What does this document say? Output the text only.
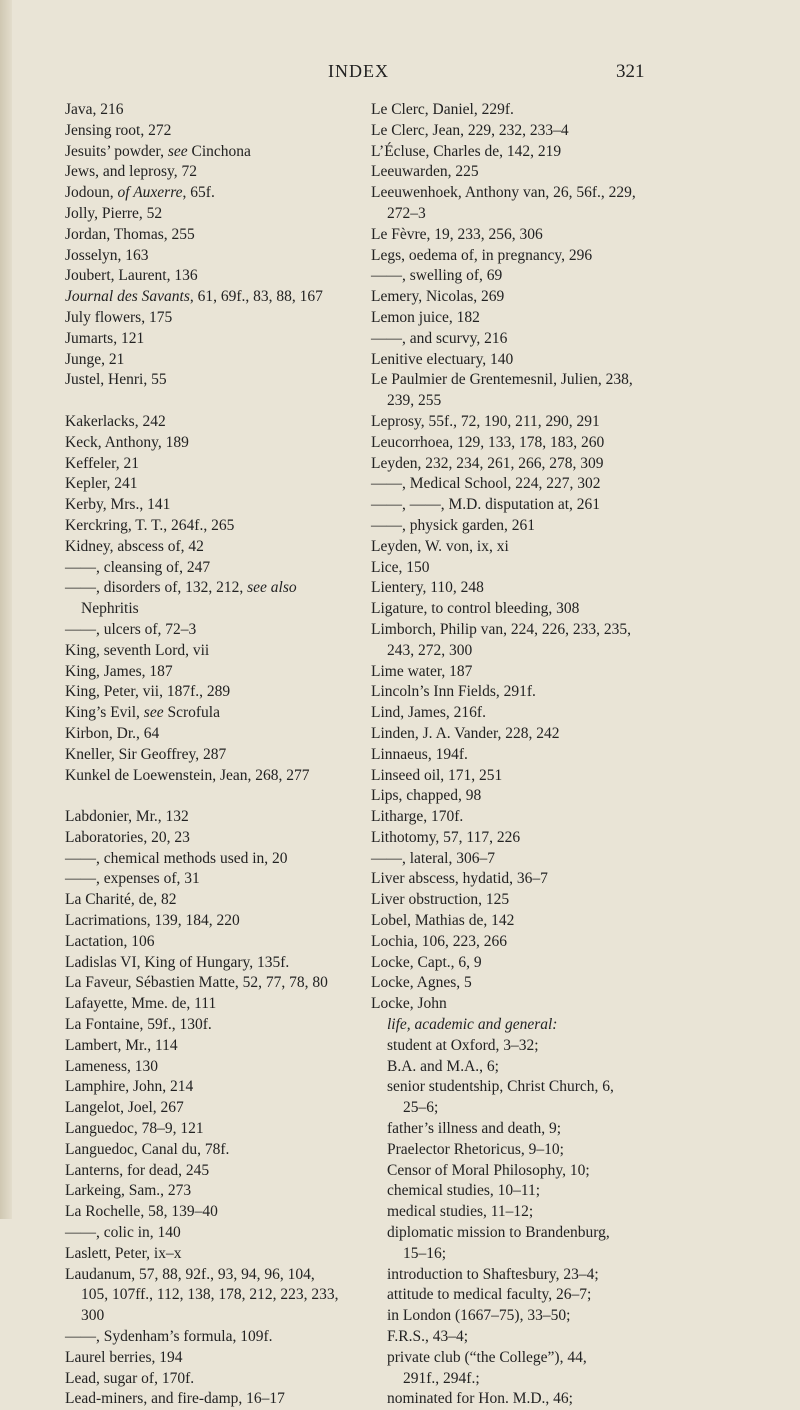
INDEX	321
Java, 216
Jensing root, 272
Jesuits’ powder, see Cinchona
Jews, and leprosy, 72
Jodoun, of Auxerre, 65f.
Jolly, Pierre, 52
Jordan, Thomas, 255
Josselyn, 163
Joubert, Laurent, 136
Journal des Savants, 61, 69f., 83, 88, 167
July flowers, 175
Jumarts, 121
Junge, 21
Justel, Henri, 55
Kakerlacks, 242
Keck, Anthony, 189
Keffeler, 21
Kepler, 241
Kerby, Mrs., 141
Kerckring, T. T., 264f., 265
Kidney, abscess of, 42
——, cleansing of, 247
——, disorders of, 132, 212, see also
Nephritis
——, ulcers of, 72–3
King, seventh Lord, vii
King, James, 187
King, Peter, vii, 187f., 289
King’s Evil, see Scrofula
Kirbon, Dr., 64
Kneller, Sir Geoffrey, 287
Kunkel de Loewenstein, Jean, 268, 277
Labdonier, Mr., 132
Laboratories, 20, 23
——, chemical methods used in, 20
——, expenses of, 31
La Charité, de, 82
Lacrimations, 139, 184, 220
Lactation, 106
Ladislas VI, King of Hungary, 135f.
La Faveur, Sébastien Matte, 52, 77, 78, 80
Lafayette, Mme. de, 111
La Fontaine, 59f., 130f.
Lambert, Mr., 114
Lameness, 130
Lamphire, John, 214
Langelot, Joel, 267
Languedoc, 78–9, 121
Languedoc, Canal du, 78f.
Lanterns, for dead, 245
Larkeing, Sam., 273
La Rochelle, 58, 139–40
——, colic in, 140
Laslett, Peter, ix–x
Laudanum, 57, 88, 92f., 93, 94, 96, 104,
105, 107ff., 112, 138, 178, 212, 223, 233,
300
——, Sydenham’s formula, 109f.
Laurel berries, 194
Lead, sugar of, 170f.
Lead-miners, and fire-damp, 16–17
Le Clerc, Daniel, 229f.
Le Clerc, Jean, 229, 232, 233–4
L’Écluse, Charles de, 142, 219
Leeuwarden, 225
Leeuwenhoek, Anthony van, 26, 56f., 229,
272–3
Le Fèvre, 19, 233, 256, 306
Legs, oedema of, in pregnancy, 296
——, swelling of, 69
Lemery, Nicolas, 269
Lemon juice, 182
——, and scurvy, 216
Lenitive electuary, 140
Le Paulmier de Grentemesnil, Julien, 238,
239, 255
Leprosy, 55f., 72, 190, 211, 290, 291
Leucorrhoea, 129, 133, 178, 183, 260
Leyden, 232, 234, 261, 266, 278, 309
——, Medical School, 224, 227, 302
——, ——, M.D. disputation at, 261
——, physick garden, 261
Leyden, W. von, ix, xi
Lice, 150
Lientery, 110, 248
Ligature, to control bleeding, 308
Limborch, Philip van, 224, 226, 233, 235,
243, 272, 300
Lime water, 187
Lincoln’s Inn Fields, 291f.
Lind, James, 216f.
Linden, J. A. Vander, 228, 242
Linnaeus, 194f.
Linseed oil, 171, 251
Lips, chapped, 98
Litharge, 170f.
Lithotomy, 57, 117, 226
——, lateral, 306–7
Liver abscess, hydatid, 36–7
Liver obstruction, 125
Lobel, Mathias de, 142
Lochia, 106, 223, 266
Locke, Capt., 6, 9
Locke, Agnes, 5
Locke, John
life, academic and general:
student at Oxford, 3–32;
B.A. and M.A., 6;
senior studentship, Christ Church, 6,
25–6;
father’s illness and death, 9;
Praelector Rhetoricus, 9–10;
Censor of Moral Philosophy, 10;
chemical studies, 10–11;
medical studies, 11–12;
diplomatic mission to Brandenburg,
15–16;
introduction to Shaftesbury, 23–4;
attitude to medical faculty, 26–7;
in London (1667–75), 33–50;
F.R.S., 43–4;
private club (“the College”), 44,
291f., 294f.;
nominated for Hon. M.D., 46;
